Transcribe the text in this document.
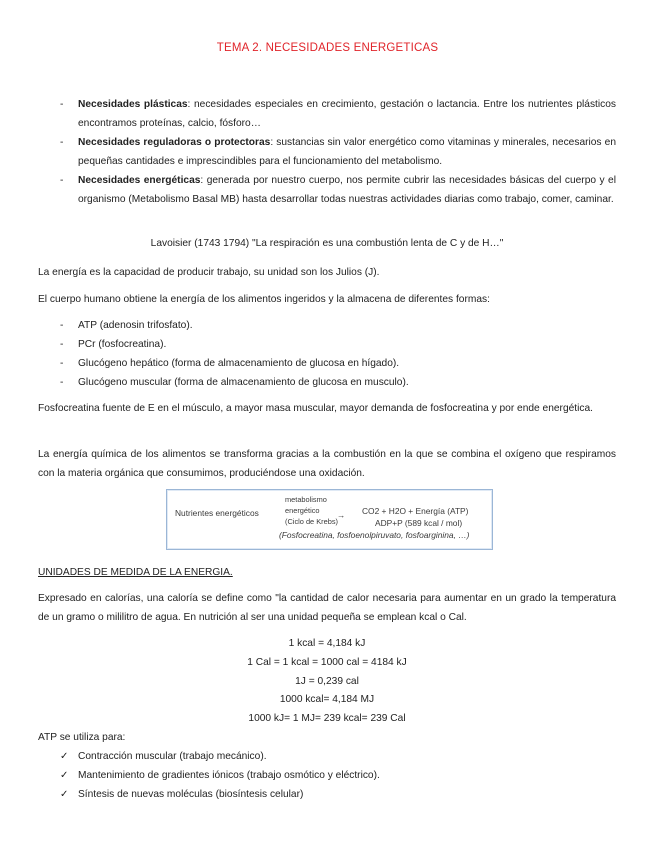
TEMA 2. NECESIDADES ENERGETICAS
- Necesidades plásticas: necesidades especiales en crecimiento, gestación o lactancia. Entre los nutrientes plásticos encontramos proteínas, calcio, fósforo…
- Necesidades reguladoras o protectoras: sustancias sin valor energético como vitaminas y minerales, necesarios en pequeñas cantidades e imprescindibles para el funcionamiento del metabolismo.
- Necesidades energéticas: generada por nuestro cuerpo, nos permite cubrir las necesidades básicas del cuerpo y el organismo (Metabolismo Basal MB) hasta desarrollar todas nuestras actividades diarias como trabajo, comer, caminar.
Lavoisier (1743 1794) "La respiración es una combustión lenta de C y de H…"
La energía es la capacidad de producir trabajo, su unidad son los Julios (J).
El cuerpo humano obtiene la energía de los alimentos ingeridos y la almacena de diferentes formas:
- ATP (adenosin trifosfato).
- PCr (fosfocreatina).
- Glucógeno hepático (forma de almacenamiento de glucosa en hígado).
- Glucógeno muscular (forma de almacenamiento de glucosa en musculo).
Fosfocreatina fuente de E en el músculo, a mayor masa muscular, mayor demanda de fosfocreatina y por ende energética.
La energía química de los alimentos se transforma gracias a la combustión en la que se combina el oxígeno que respiramos con la materia orgánica que consumimos, produciéndose una oxidación.
Nutrientes energéticos
metabolismo
energético
(Ciclo de Krebs)
→ CO2 + H2O + Energía (ATP)
ADP+P (589 kcal / mol)
(Fosfocreatina, fosfoenolpiruvato, fosfoarginina, …)
UNIDADES DE MEDIDA DE LA ENERGIA.
Expresado en calorías, una caloría se define como "la cantidad de calor necesaria para aumentar en un grado la temperatura de un gramo o mililitro de agua. En nutrición al ser una unidad pequeña se emplean kcal o Cal.
1 kcal = 4,184 kJ
1 Cal = 1 kcal = 1000 cal = 4184 kJ
1J = 0,239 cal
1000 kcal= 4,184 MJ
1000 kJ= 1 MJ= 239 kcal= 239 Cal
ATP se utiliza para:
✓ Contracción muscular (trabajo mecánico).
✓ Mantenimiento de gradientes iónicos (trabajo osmótico y eléctrico).
✓ Síntesis de nuevas moléculas (biosíntesis celular)
